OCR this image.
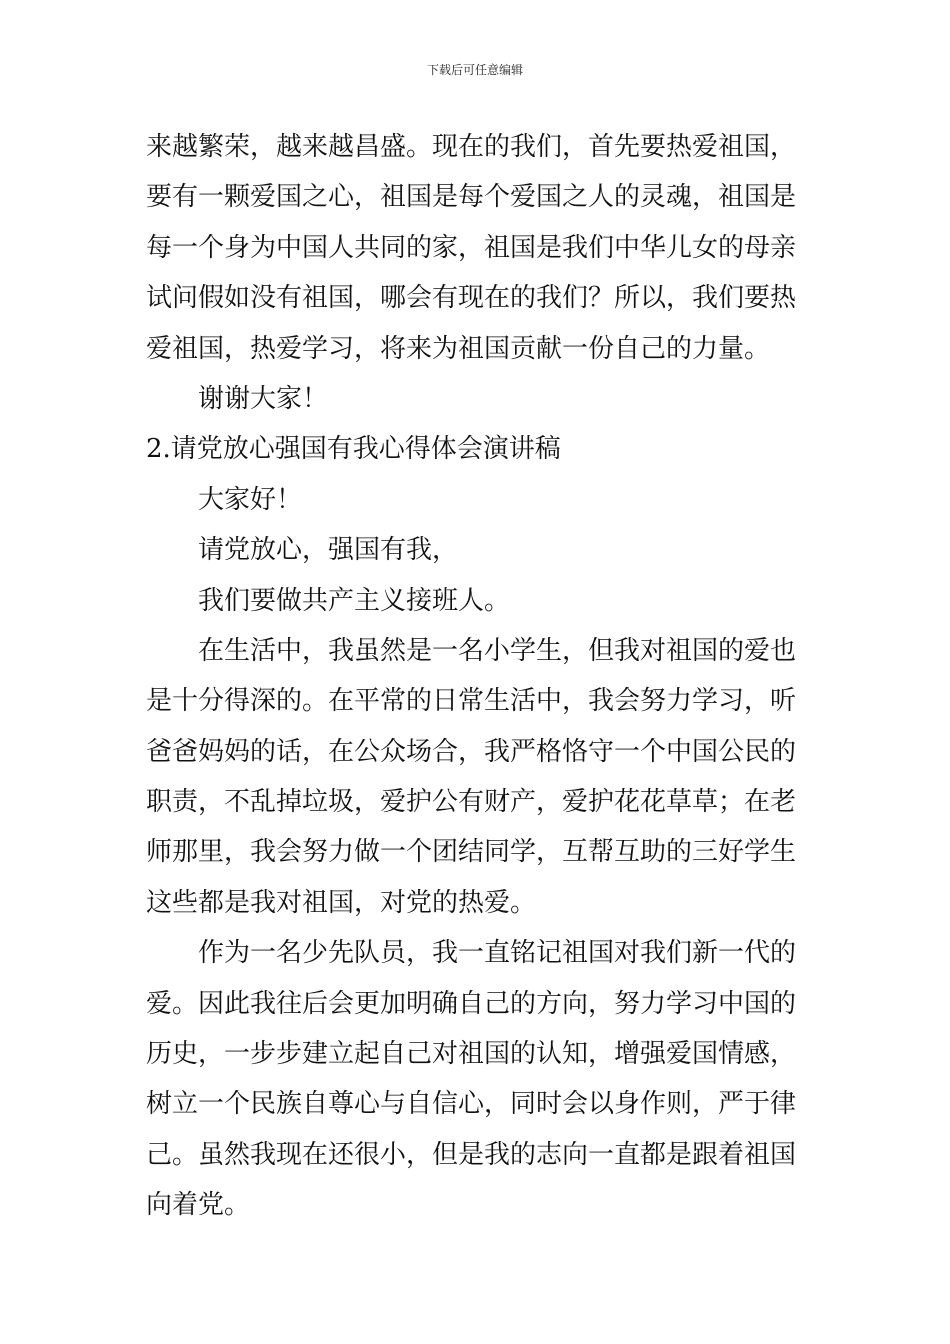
下载后可任意编辑
来越繁荣，越来越昌盛。现在的我们，首先要热爱祖国，
要有一颗爱国之心，祖国是每个爱国之人的灵魂，祖国是
每一个身为中国人共同的家，祖国是我们中华儿女的母亲
试问假如没有祖国，哪会有现在的我们？所以，我们要热
爱祖国，热爱学习，将来为祖国贡献一份自己的力量。
谢谢大家！
2.请党放心强国有我心得体会演讲稿
大家好！
请党放心，强国有我，
我们要做共产主义接班人。
在生活中，我虽然是一名小学生，但我对祖国的爱也
是十分得深的。在平常的日常生活中，我会努力学习，听
爸爸妈妈的话，在公众场合，我严格恪守一个中国公民的
职责，不乱掉垃圾，爱护公有财产，爱护花花草草；在老
师那里，我会努力做一个团结同学，互帮互助的三好学生
这些都是我对祖国，对党的热爱。
作为一名少先队员，我一直铭记祖国对我们新一代的
爱。因此我往后会更加明确自己的方向，努力学习中国的
历史，一步步建立起自己对祖国的认知，增强爱国情感，
树立一个民族自尊心与自信心，同时会以身作则，严于律
己。虽然我现在还很小，但是我的志向一直都是跟着祖国
向着党。
